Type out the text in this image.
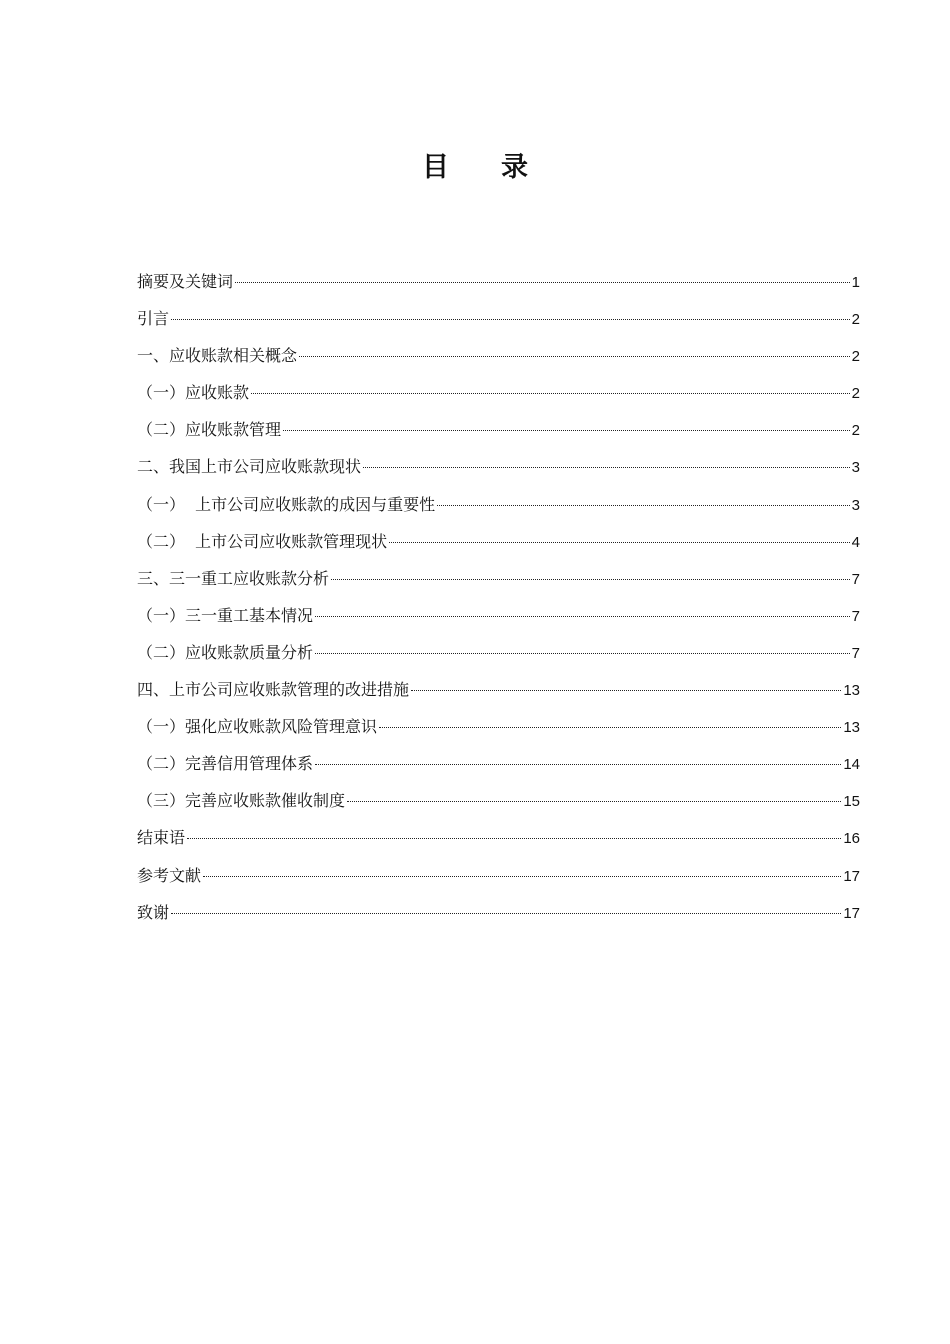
目 录
摘要及关键词	1
引言	2
一、应收账款相关概念	2
（一）应收账款	2
（二）应收账款管理	2
二、我国上市公司应收账款现状	3
（一）  上市公司应收账款的成因与重要性	3
（二）  上市公司应收账款管理现状	4
三、三一重工应收账款分析	7
（一）三一重工基本情况	7
（二）应收账款质量分析	7
四、上市公司应收账款管理的改进措施	13
（一）强化应收账款风险管理意识	13
（二）完善信用管理体系	14
（三）完善应收账款催收制度	15
结束语	16
参考文献	17
致谢	17
